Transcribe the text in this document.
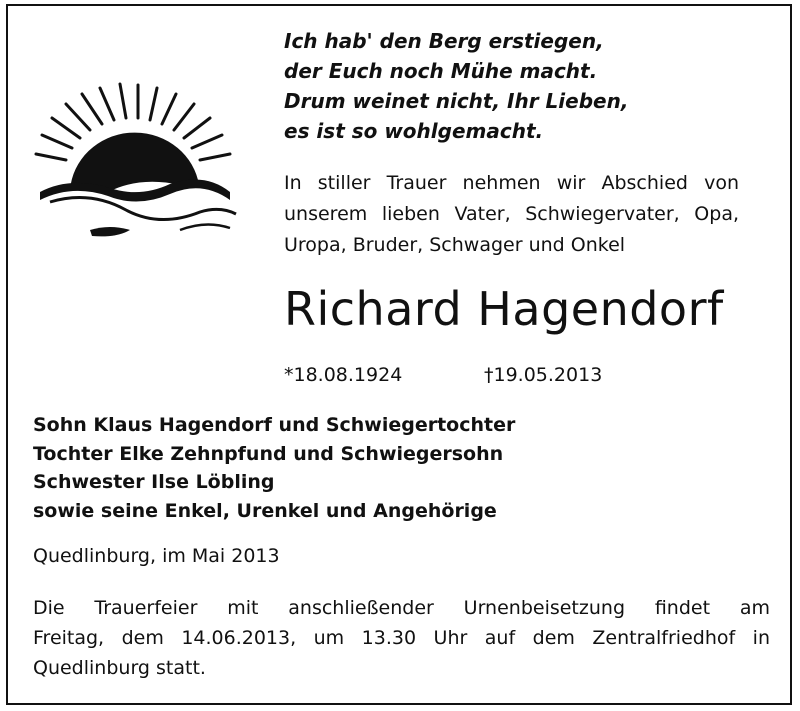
Ich hab' den Berg erstiegen,
der Euch noch Mühe macht.
Drum weinet nicht, Ihr Lieben,
es ist so wohlgemacht.
In stiller Trauer nehmen wir Abschied von
unserem lieben Vater, Schwiegervater, Opa,
Uropa, Bruder, Schwager und Onkel
Richard Hagendorf
*18.08.1924	†19.05.2013
Sohn Klaus Hagendorf und Schwiegertochter
Tochter Elke Zehnpfund und Schwiegersohn
Schwester Ilse Löbling
sowie seine Enkel, Urenkel und Angehörige
Quedlinburg, im Mai 2013
Die Trauerfeier mit anschließender Urnenbeisetzung findet am
Freitag, dem 14.06.2013, um 13.30 Uhr auf dem Zentralfriedhof in
Quedlinburg statt.
